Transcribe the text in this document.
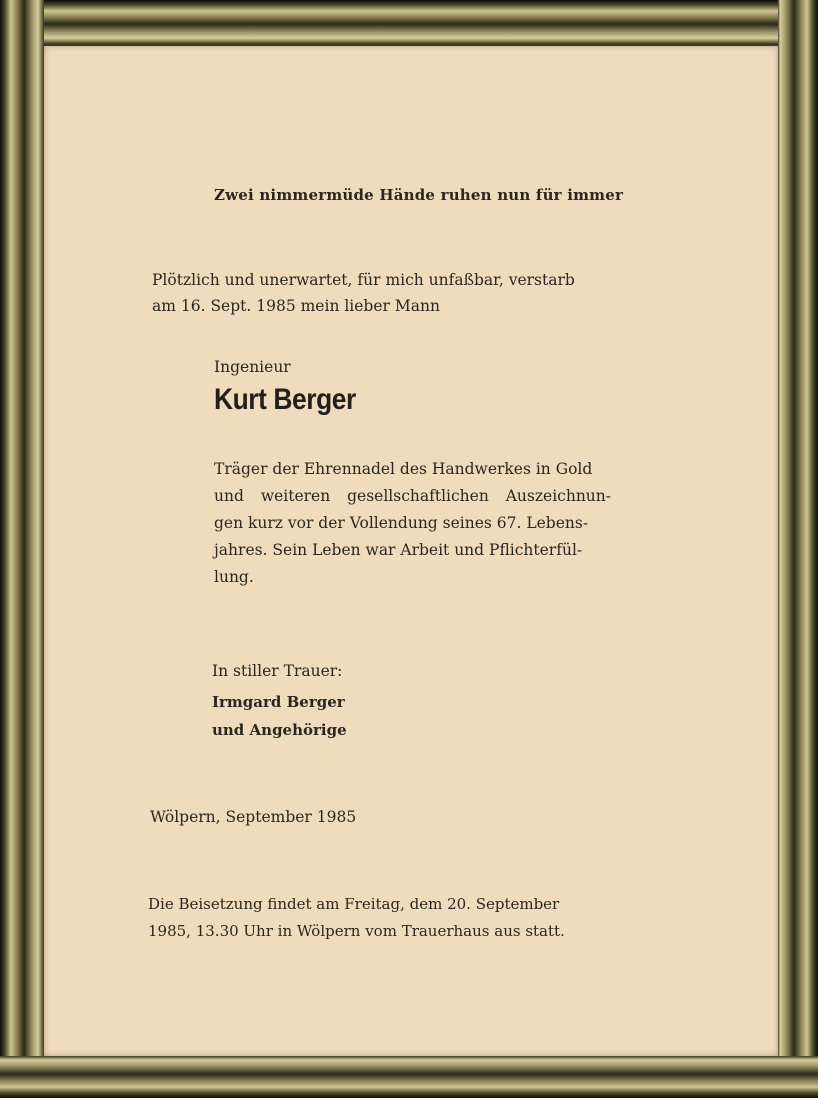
Zwei nimmermüde Hände ruhen nun für immer
Plötzlich und unerwartet, für mich unfaßbar, verstarb
am 16. Sept. 1985 mein lieber Mann
Ingenieur
Kurt Berger
Träger der Ehrennadel des Handwerkes in Gold
und weiteren gesellschaftlichen Auszeichnun-
gen kurz vor der Vollendung seines 67. Lebens-
jahres. Sein Leben war Arbeit und Pflichterfül-
lung.
In stiller Trauer:
Irmgard Berger
und Angehörige
Wölpern, September 1985
Die Beisetzung findet am Freitag, dem 20. September
1985, 13.30 Uhr in Wölpern vom Trauerhaus aus statt.
